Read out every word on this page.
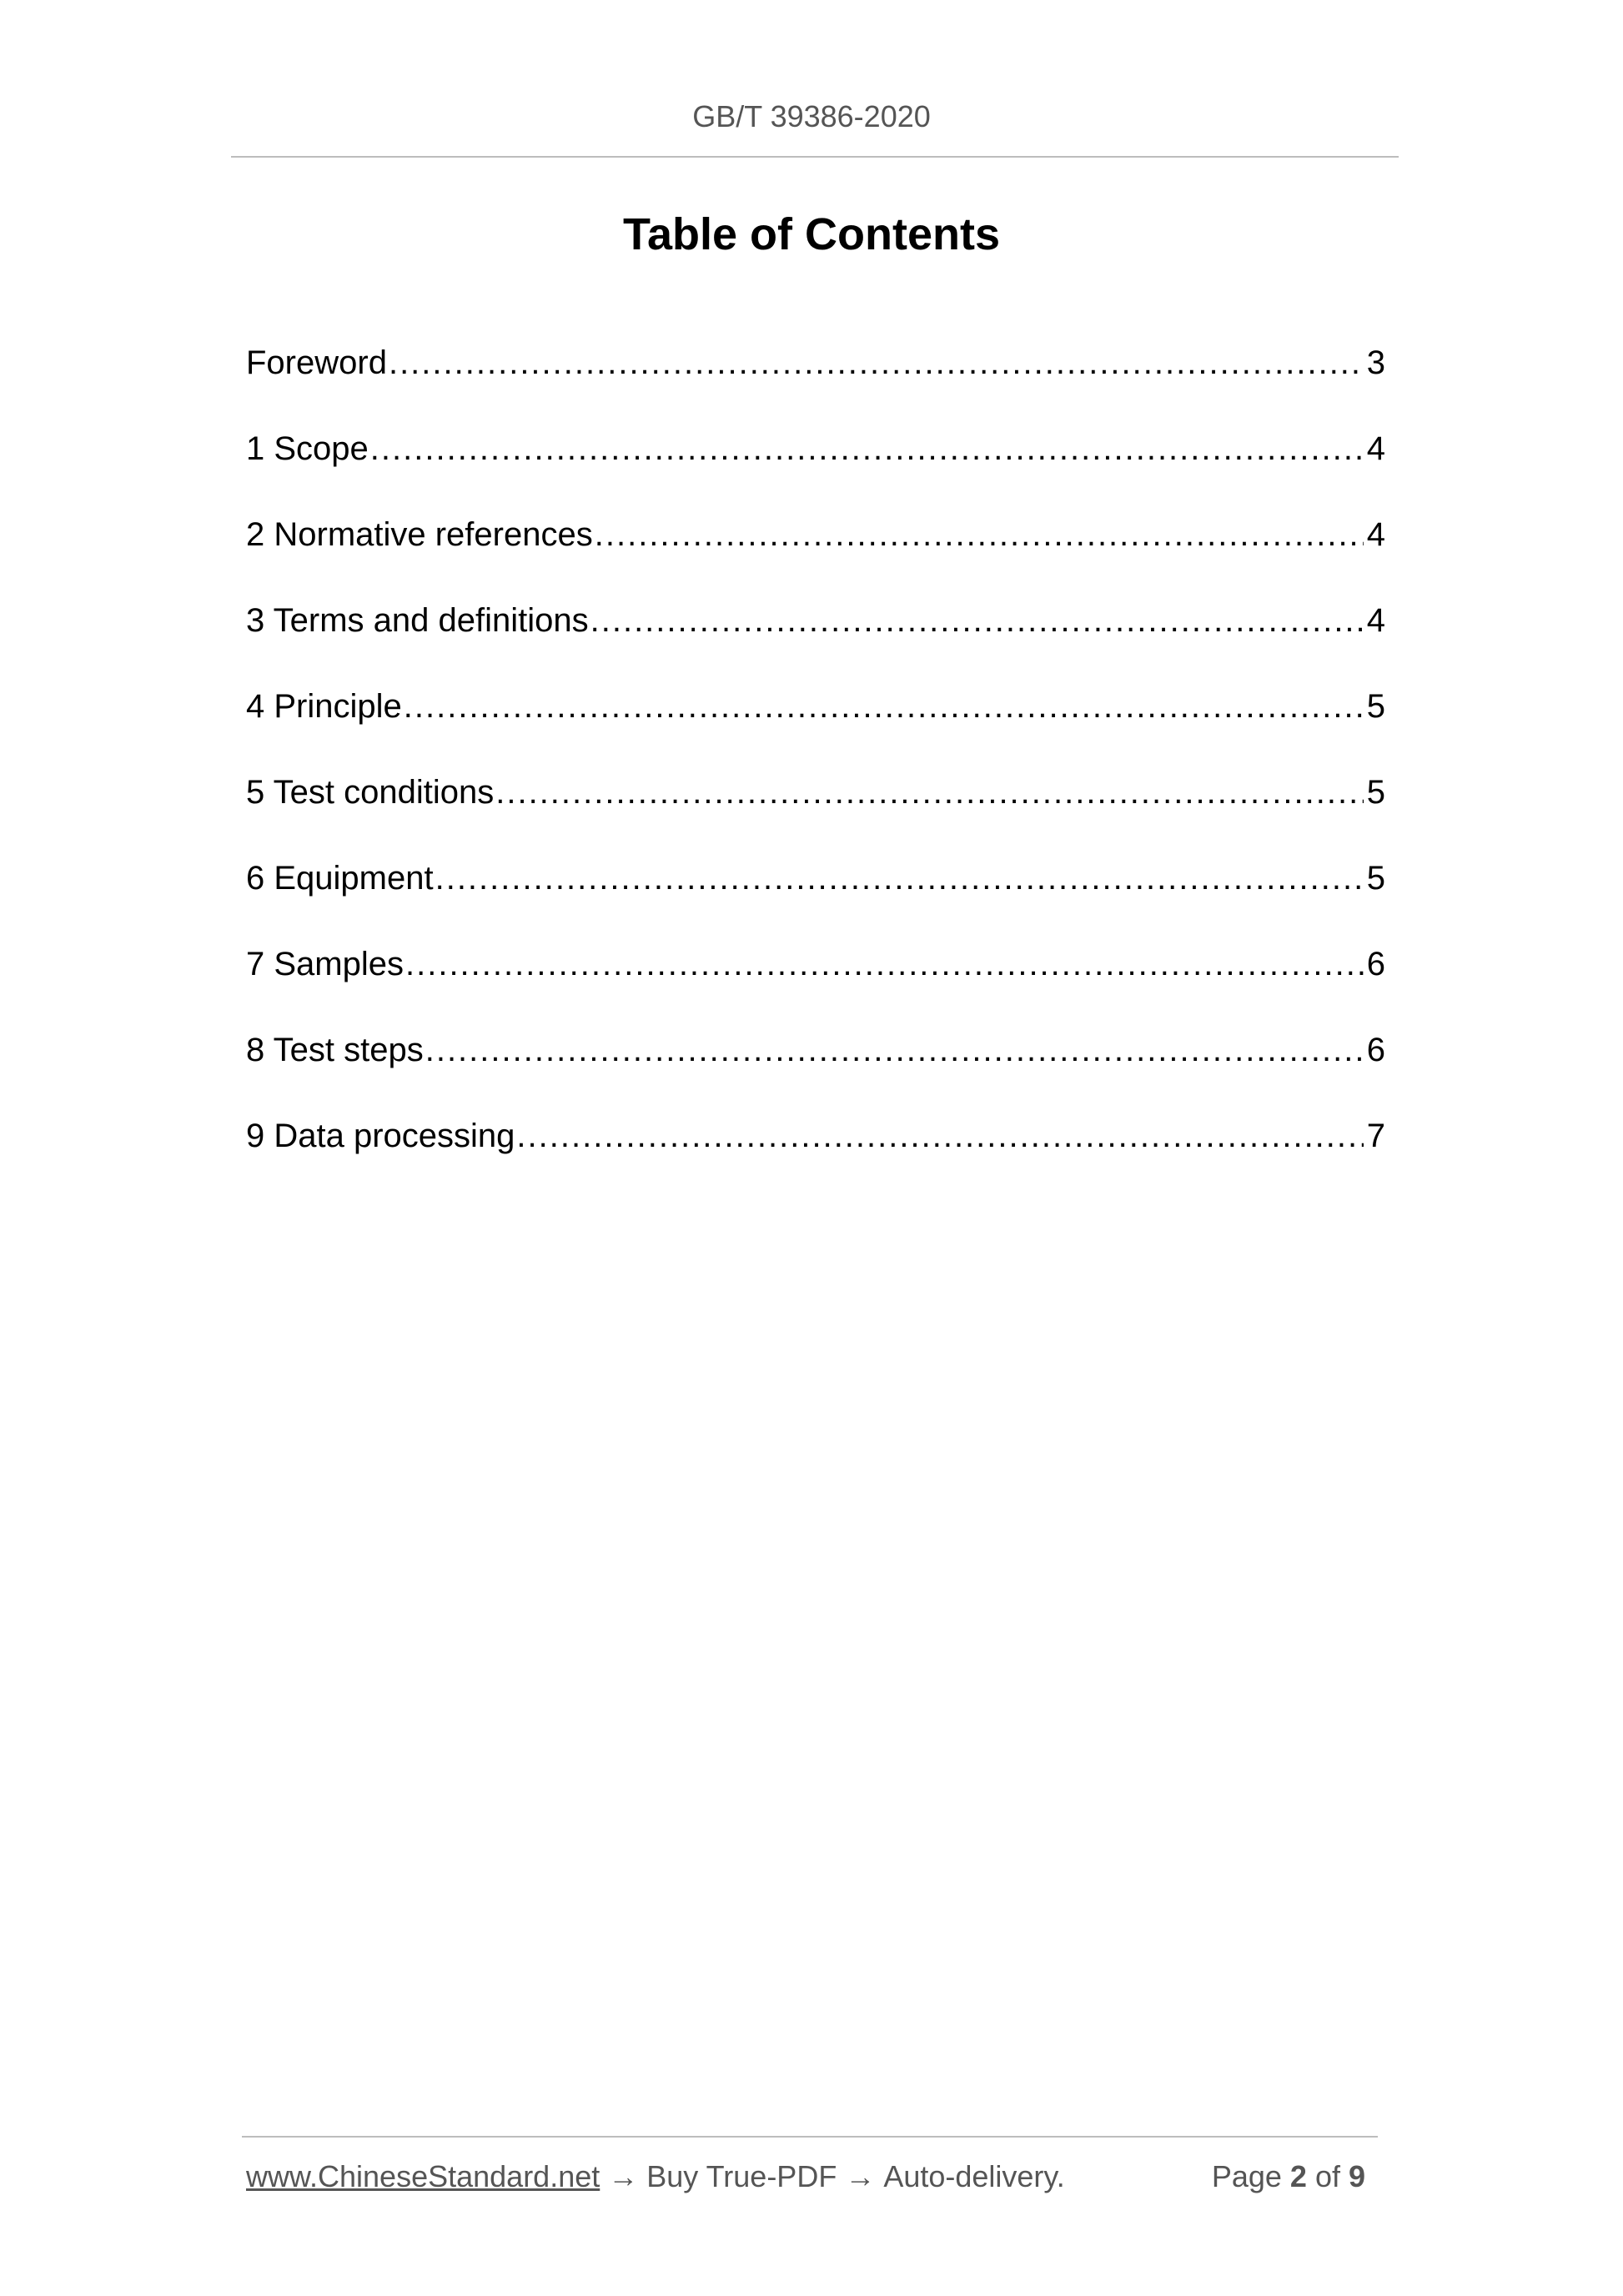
GB/T 39386-2020
Table of Contents
Foreword .....	3
1 Scope .....	4
2 Normative references .....	4
3 Terms and definitions .....	4
4 Principle .....	5
5 Test conditions .....	5
6 Equipment .....	5
7 Samples .....	6
8 Test steps .....	6
9 Data processing .....	7
www.ChineseStandard.net → Buy True-PDF → Auto-delivery.	Page 2 of 9
